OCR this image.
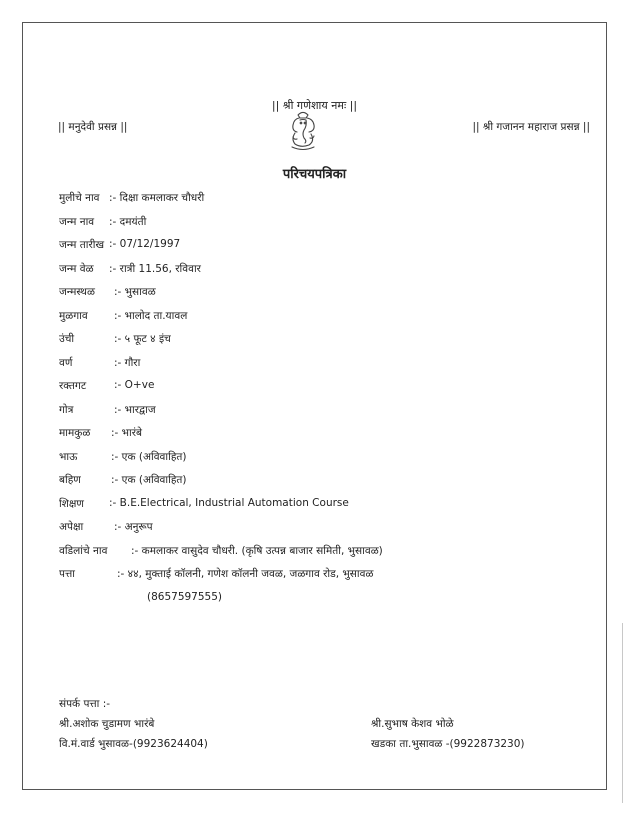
|| श्री गणेशाय नमः ||
|| मनुदेवी प्रसन्न ||	|| श्री गजानन महाराज प्रसन्न ||
परिचयपत्रिका
मुलीचे नाव :- दिक्षा कमलाकर चौधरी
जन्म नाव :- दमयंती
जन्म तारीख :- 07/12/1997
जन्म वेळ :- रात्री 11.56, रविवार
जन्मस्थळ :- भुसावळ
मुळगाव	:- भालोद ता.यावल
उंची	:- ५ फूट ४ इंच
वर्ण	:- गौरा
रक्तगट	:- O+ve
गोत्र	:- भारद्वाज
मामकुळ :- भारंबे
भाऊ	:- एक (अविवाहित)
बहिण	:- एक (अविवाहित)
शिक्षण :- B.E.Electrical, Industrial Automation Course
अपेक्षा	:- अनुरूप
वडिलांचे नाव :- कमलाकर वासुदेव चौधरी. (कृषि उत्पन्न बाजार समिती, भुसावळ)
पत्ता	:- ४४, मुक्ताई कॉलनी, गणेश कॉलनी जवळ, जळगाव रोड, भुसावळ
(8657597555)
संपर्क पत्ता :-
श्री.अशोक चुडामण भारंबे	श्री.सुभाष केशव भोळे
वि.मं.वार्ड भुसावळ-(9923624404)	खडका ता.भुसावळ -(9922873230)
